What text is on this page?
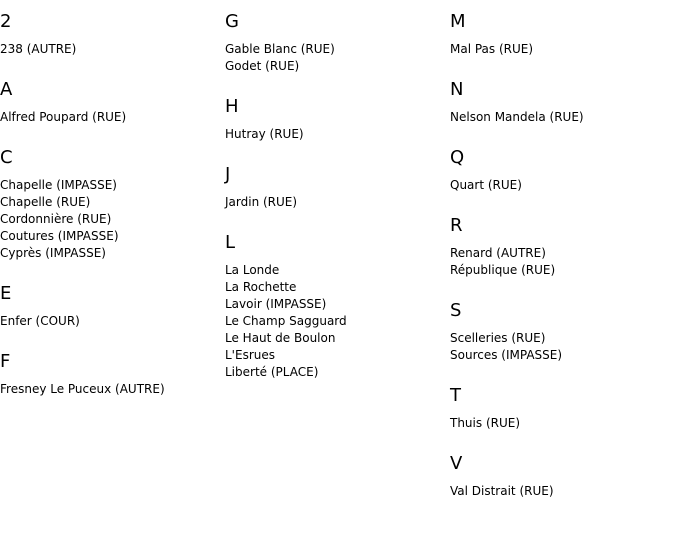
2
238 (AUTRE)
A
Alfred Poupard (RUE)
C
Chapelle (IMPASSE)
Chapelle (RUE)
Cordonnière (RUE)
Coutures (IMPASSE)
Cyprès (IMPASSE)
E
Enfer (COUR)
F
Fresney Le Puceux (AUTRE)
G
Gable Blanc (RUE)
Godet (RUE)
H
Hutray (RUE)
J
Jardin (RUE)
L
La Londe
La Rochette
Lavoir (IMPASSE)
Le Champ Sagguard
Le Haut de Boulon
L'Esrues
Liberté (PLACE)
M
Mal Pas (RUE)
N
Nelson Mandela (RUE)
Q
Quart (RUE)
R
Renard (AUTRE)
République (RUE)
S
Scelleries (RUE)
Sources (IMPASSE)
T
Thuis (RUE)
V
Val Distrait (RUE)
